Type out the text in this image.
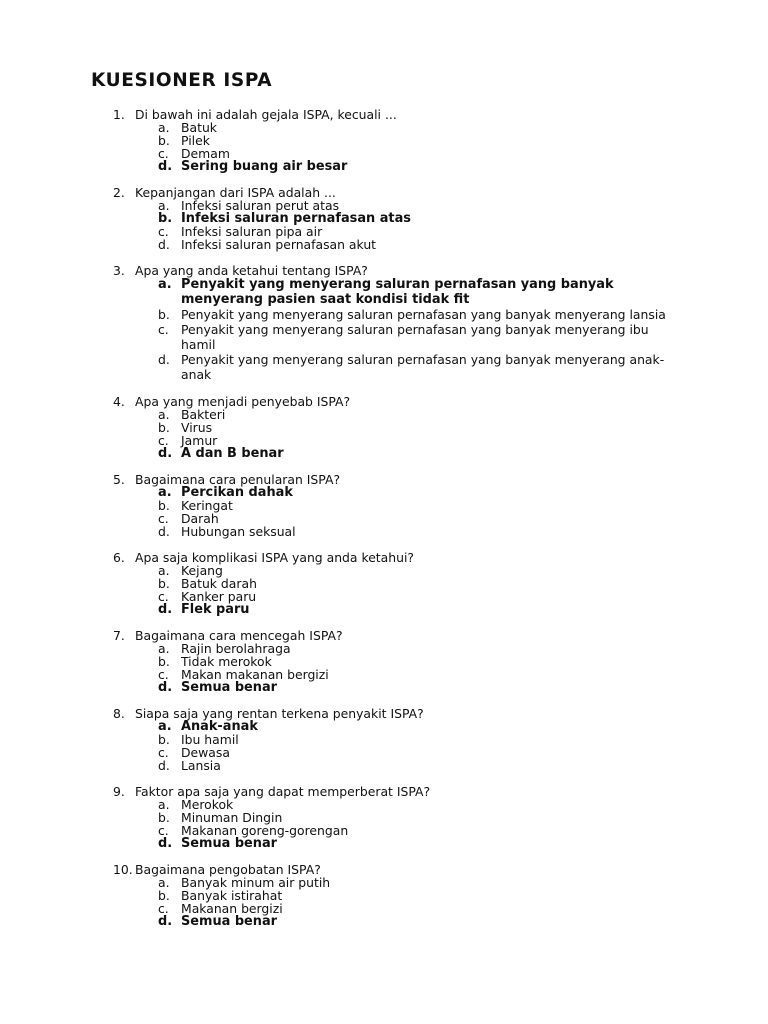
KUESIONER ISPA
1. Di bawah ini adalah gejala ISPA, kecuali ...
a. Batuk
b. Pilek
c. Demam
d. Sering buang air besar
2. Kepanjangan dari ISPA adalah ...
a. Infeksi saluran perut atas
b. Infeksi saluran pernafasan atas
c. Infeksi saluran pipa air
d. Infeksi saluran pernafasan akut
3. Apa yang anda ketahui tentang ISPA?
a. Penyakit yang menyerang saluran pernafasan yang banyak menyerang pasien saat kondisi tidak fit
b. Penyakit yang menyerang saluran pernafasan yang banyak menyerang lansia
c. Penyakit yang menyerang saluran pernafasan yang banyak menyerang ibu hamil
d. Penyakit yang menyerang saluran pernafasan yang banyak menyerang anak-anak
4. Apa yang menjadi penyebab ISPA?
a. Bakteri
b. Virus
c. Jamur
d. A dan B benar
5. Bagaimana cara penularan ISPA?
a. Percikan dahak
b. Keringat
c. Darah
d. Hubungan seksual
6. Apa saja komplikasi ISPA yang anda ketahui?
a. Kejang
b. Batuk darah
c. Kanker paru
d. Flek paru
7. Bagaimana cara mencegah ISPA?
a. Rajin berolahraga
b. Tidak merokok
c. Makan makanan bergizi
d. Semua benar
8. Siapa saja yang rentan terkena penyakit ISPA?
a. Anak-anak
b. Ibu hamil
c. Dewasa
d. Lansia
9. Faktor apa saja yang dapat memperberat ISPA?
a. Merokok
b. Minuman Dingin
c. Makanan goreng-gorengan
d. Semua benar
10. Bagaimana pengobatan ISPA?
a. Banyak minum air putih
b. Banyak istirahat
c. Makanan bergizi
d. Semua benar
